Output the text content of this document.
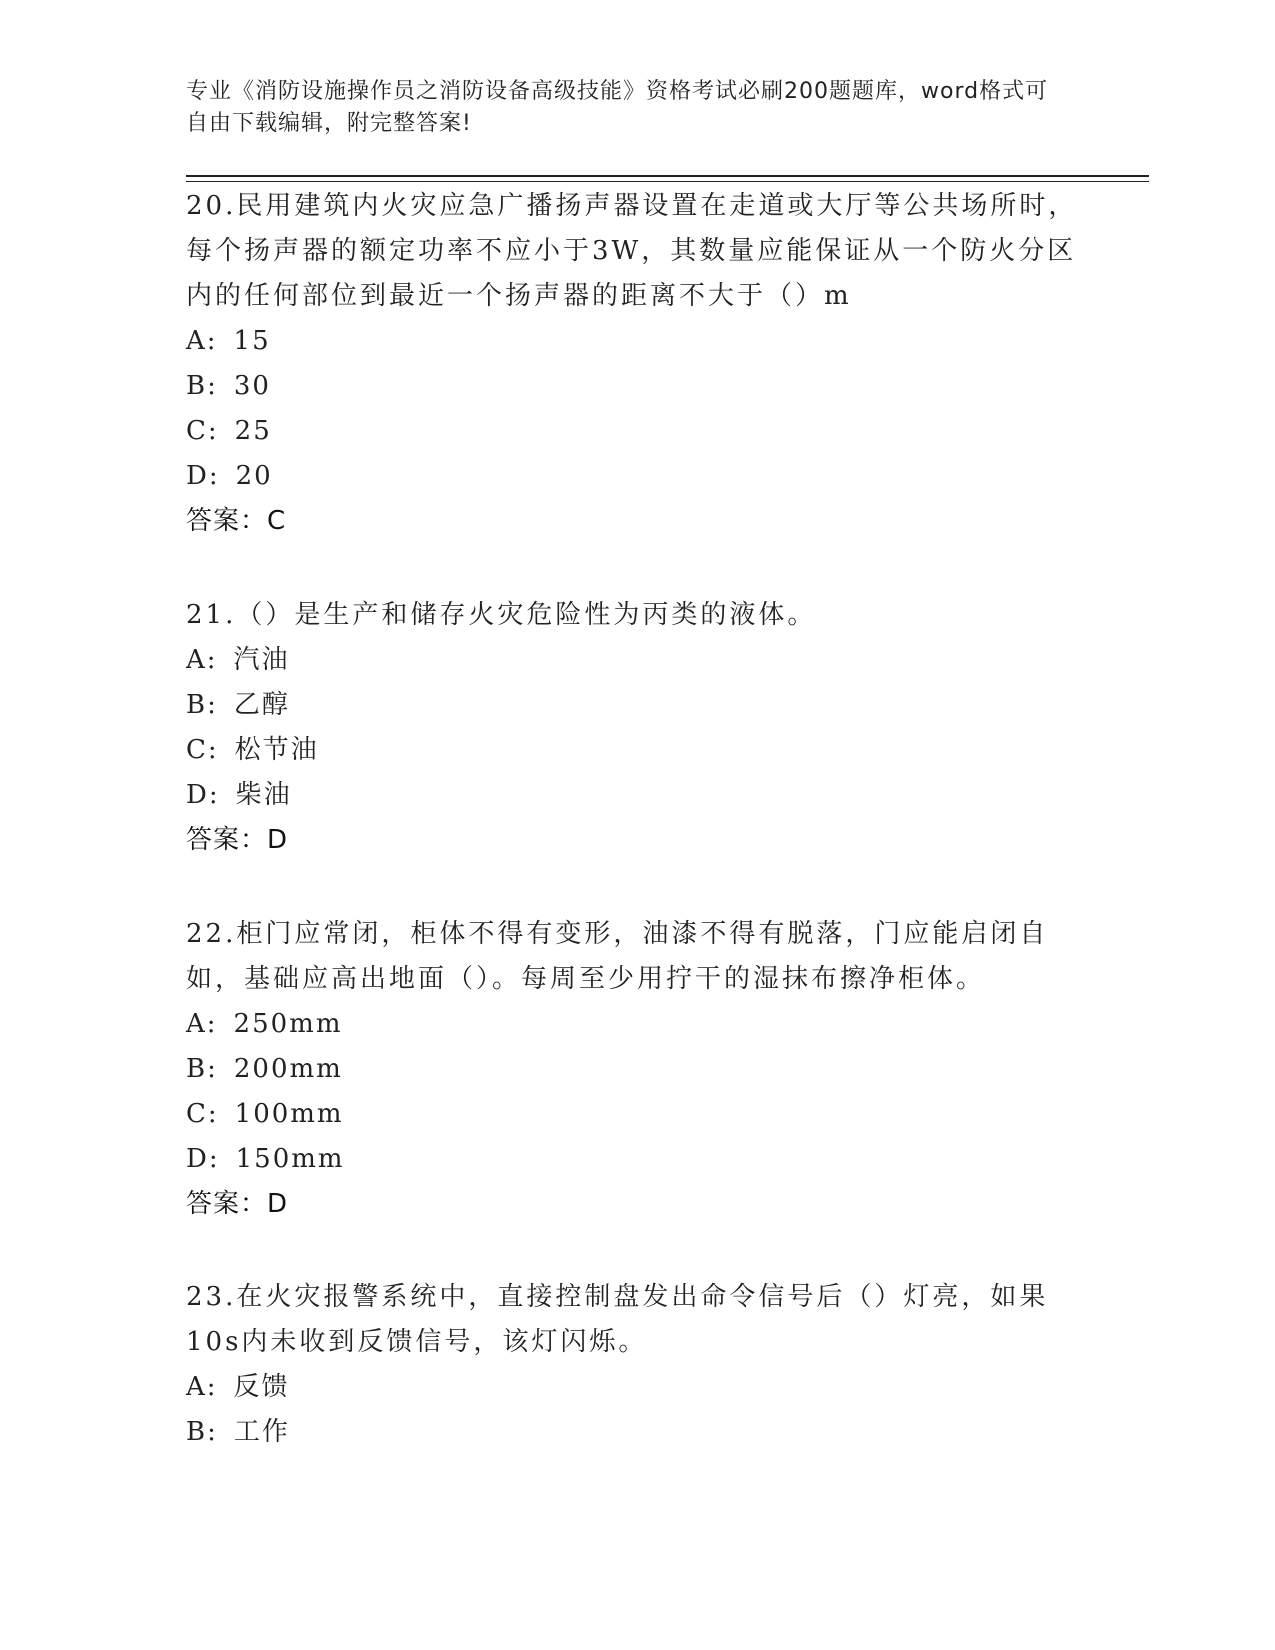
专业《消防设施操作员之消防设备高级技能》资格考试必刷200题题库，word格式可自由下载编辑，附完整答案!
20.民用建筑内火灾应急广播扬声器设置在走道或大厅等公共场所时，每个扬声器的额定功率不应小于3W，其数量应能保证从一个防火分区内的任何部位到最近一个扬声器的距离不大于（）m
A: 15
B: 30
C: 25
D: 20
答案：C
21.（）是生产和储存火灾危险性为丙类的液体。
A: 汽油
B: 乙醇
C: 松节油
D: 柴油
答案：D
22.柜门应常闭，柜体不得有变形，油漆不得有脱落，门应能启闭自如，基础应高出地面（）。每周至少用拧干的湿抹布擦净柜体。
A: 250mm
B: 200mm
C: 100mm
D: 150mm
答案：D
23.在火灾报警系统中，直接控制盘发出命令信号后（）灯亮，如果10s内未收到反馈信号，该灯闪烁。
A: 反馈
B: 工作
